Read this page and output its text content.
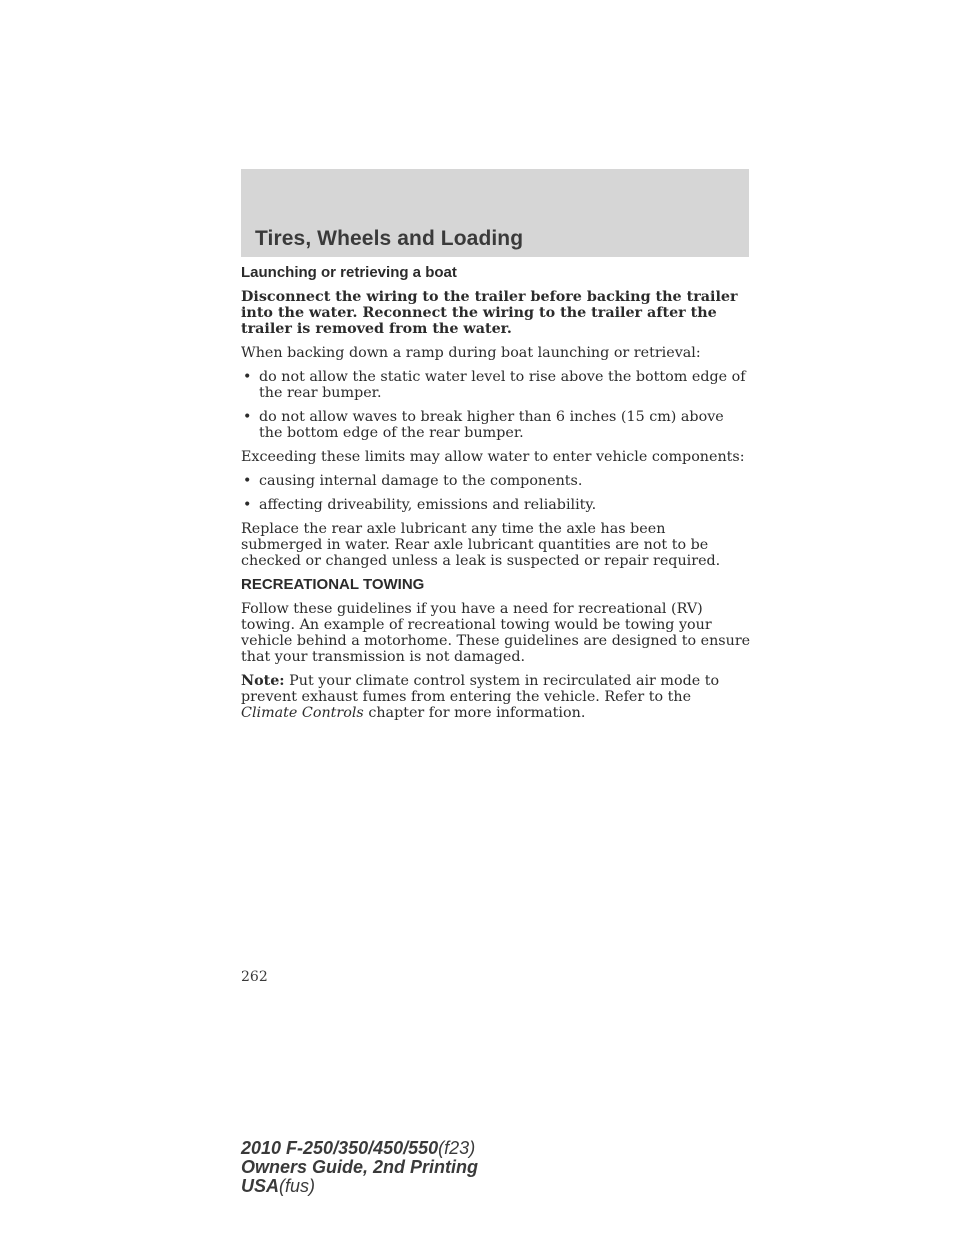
Tires, Wheels and Loading
Launching or retrieving a boat

Disconnect the wiring to the trailer before backing the trailer into the water. Reconnect the wiring to the trailer after the trailer is removed from the water.

When backing down a ramp during boat launching or retrieval:

• do not allow the static water level to rise above the bottom edge of the rear bumper.
• do not allow waves to break higher than 6 inches (15 cm) above the bottom edge of the rear bumper.

Exceeding these limits may allow water to enter vehicle components:

• causing internal damage to the components.
• affecting driveability, emissions and reliability.

Replace the rear axle lubricant any time the axle has been submerged in water. Rear axle lubricant quantities are not to be checked or changed unless a leak is suspected or repair required.

RECREATIONAL TOWING

Follow these guidelines if you have a need for recreational (RV) towing. An example of recreational towing would be towing your vehicle behind a motorhome. These guidelines are designed to ensure that your transmission is not damaged.

Note: Put your climate control system in recirculated air mode to prevent exhaust fumes from entering the vehicle. Refer to the Climate Controls chapter for more information.

262
2010 F-250/350/450/550(f23)
Owners Guide, 2nd Printing
USA(fus)
